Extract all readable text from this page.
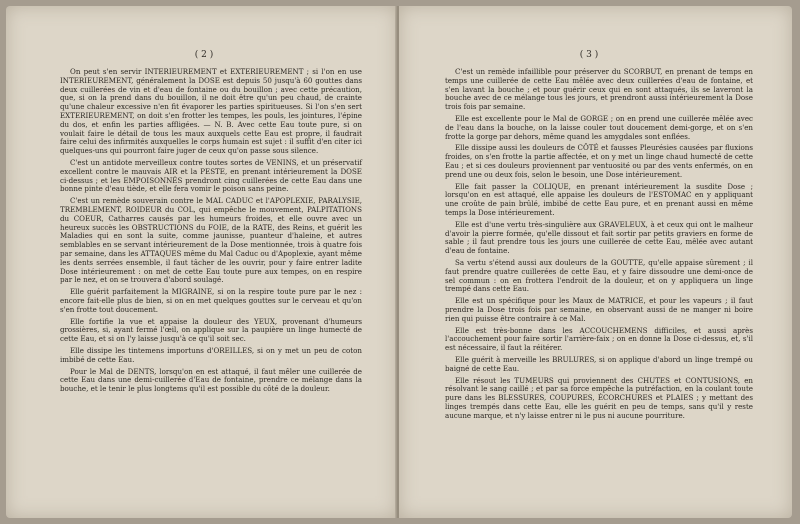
( 2 )

On peut s'en servir INTERIEUREMENT et EXTERIEUREMENT ; si l'on en use INTERIEUREMENT, généralement la DOSE est depuis 50 jusqu'à 60 gouttes dans deux cuillerées de vin et d'eau de fontaine ou du bouillon ; avec cette précaution, que, si on la prend dans du bouillon, il ne doit être qu'un peu chaud, de crainte qu'une chaleur excessive n'en fit évaporer les parties spiritueuses. Si l'on s'en sert EXTERIEUREMENT, on doit s'en frotter les tempes, les pouls, les jointures, l'épine du dos, et enfin les parties affligées. — N. B. Avec cette Eau toute pure, si on voulait faire le détail de tous les maux auxquels cette Eau est propre, il faudrait faire celui des infirmités auxquelles le corps humain est sujet : il suffit d'en citer ici quelques-uns qui pourront faire juger de ceux qu'on passe sous silence.

C'est un antidote merveilleux contre toutes sortes de VENINS, et un préservatif excellent contre le mauvais AIR et la PESTE, en prenant intérieurement la DOSE ci-dessus ; et les EMPOISONNÉS prendront cinq cuillerées de cette Eau dans une bonne pinte d'eau tiède, et elle fera vomir le poison sans peine.

C'est un remède souverain contre le MAL CADUC et l'APOPLEXIE, PARALYSIE, TREMBLEMENT, ROIDEUR du COL, qui empêche le mouvement, PALPITATIONS du COEUR, Catharres causés par les humeurs froides, et elle ouvre avec un heureux succès les OBSTRUCTIONS du FOIE, de la RATE, des Reins, et guérit les Maladies qui en sont la suite, comme jaunisse, puanteur d'haleine, et autres semblables en se servant intérieurement de la Dose mentionnée, trois à quatre fois par semaine, dans les ATTAQUES même du Mal Caduc ou d'Apoplexie, ayant même les dents serrées ensemble, il faut tâcher de les ouvrir, pour y faire entrer ladite Dose intérieurement : on met de cette Eau toute pure aux tempes, on en respire par le nez, et on se trouvera d'abord soulagé.

Elle guérit parfaitement la MIGRAINE, si on la respire toute pure par le nez : encore fait-elle plus de bien, si on en met quelques gouttes sur le cerveau et qu'on s'en frotte tout doucement.

Elle fortifie la vue et appaise la douleur des YEUX, provenant d'humeurs grossières, si, ayant fermé l'œil, on applique sur la paupière un linge humecté de cette Eau, et si on l'y laisse jusqu'à ce qu'il soit sec.

Elle dissipe les tintemens importuns d'OREILLES, si on y met un peu de coton imbibé de cette Eau.

Pour le Mal de DENTS, lorsqu'on en est attaqué, il faut mêler une cuillerée de cette Eau dans une demi-cuillerée d'Eau de fontaine, prendre ce mélange dans la bouche, et le tenir le plus longtems qu'il est possible du côté de la douleur.

( 3 )

C'est un remède infaillible pour préserver du SCORBUT, en prenant de temps en temps une cuillerée de cette Eau mêlée avec deux cuillerées d'eau de fontaine, et s'en lavant la bouche ; et pour guérir ceux qui en sont attaqués, ils se laveront la bouche avec de ce mélange tous les jours, et prendront aussi intérieurement la Dose trois fois par semaine.

Elle est excellente pour le Mal de GORGE ; on en prend une cuillerée mêlée avec de l'eau dans la bouche, on la laisse couler tout doucement demi-gorge, et on s'en frotte la gorge par dehors, même quand les amygdales sont enflées.

Elle dissipe aussi les douleurs de CÔTÉ et fausses Pleurésies causées par fluxions froides, on s'en frotte la partie affectée, et on y met un linge chaud humecté de cette Eau ; et si ces douleurs proviennent par ventuosité ou par des vents enfermés, on en prend une ou deux fois, selon le besoin, une Dose intérieurement.

Elle fait passer la COLIQUE, en prenant intérieurement la susdite Dose ; lorsqu'on en est attaqué, elle appaise les douleurs de l'ESTOMAC en y appliquant une croûte de pain brûlé, imbibé de cette Eau pure, et en prenant aussi en même temps la Dose intérieurement.

Elle est d'une vertu très-singulière aux GRAVELEUX, à et ceux qui ont le malheur d'avoir la pierre formée, qu'elle dissout et fait sortir par petits graviers en forme de sable ; il faut prendre tous les jours une cuillerée de cette Eau, mêlée avec autant d'eau de fontaine.

Sa vertu s'étend aussi aux douleurs de la GOUTTE, qu'elle appaise sûrement ; il faut prendre quatre cuillerées de cette Eau, et y faire dissoudre une demi-once de sel commun : on en frottera l'endroit de la douleur, et on y appliquera un linge trempé dans cette Eau.

Elle est un spécifique pour les Maux de MATRICE, et pour les vapeurs ; il faut prendre la Dose trois fois par semaine, en observant aussi de ne manger ni boire rien qui puisse être contraire à ce Mal.

Elle est très-bonne dans les ACCOUCHEMENS difficiles, et aussi après l'accouchement pour faire sortir l'arrière-faix ; on en donne la Dose ci-dessus, et, s'il est nécessaire, il faut la réitérer.

Elle guérit à merveille les BRULURES, si on applique d'abord un linge trempé ou baigné de cette Eau.

Elle résout les TUMEURS qui proviennent des CHUTES et CONTUSIONS, en résolvant le sang caillé ; et par sa force empêche la putréfaction, en la coulant toute pure dans les BLESSURES, COUPURES, ÉCORCHURES et PLAIES ; y mettant des linges trempés dans cette Eau, elle les guérit en peu de temps, sans qu'il y reste aucune marque, et n'y laisse entrer ni le pus ni aucune pourriture.
